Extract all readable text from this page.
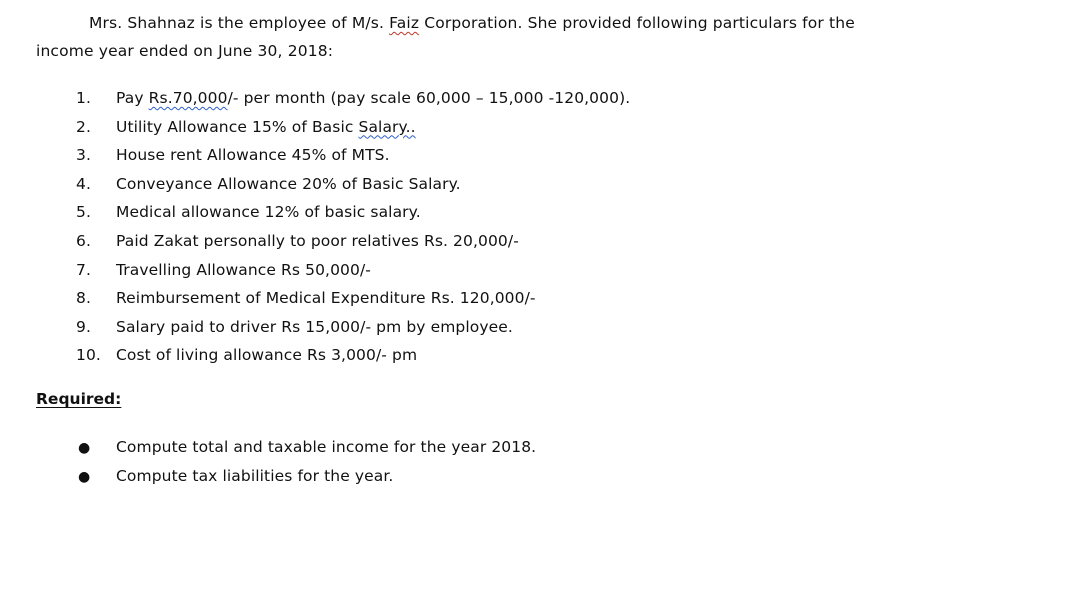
Mrs. Shahnaz is the employee of M/s. Faiz Corporation. She provided following particulars for the
income year ended on June 30, 2018:
1. Pay Rs.70,000/- per month (pay scale 60,000 – 15,000 -120,000).
2. Utility Allowance 15% of Basic Salary..
3. House rent Allowance 45% of MTS.
4. Conveyance Allowance 20% of Basic Salary.
5. Medical allowance 12% of basic salary.
6. Paid Zakat personally to poor relatives Rs. 20,000/-
7. Travelling Allowance Rs 50,000/-
8. Reimbursement of Medical Expenditure Rs. 120,000/-
9. Salary paid to driver Rs 15,000/- pm by employee.
10. Cost of living allowance Rs 3,000/- pm
Required:
● Compute total and taxable income for the year 2018.
● Compute tax liabilities for the year.
